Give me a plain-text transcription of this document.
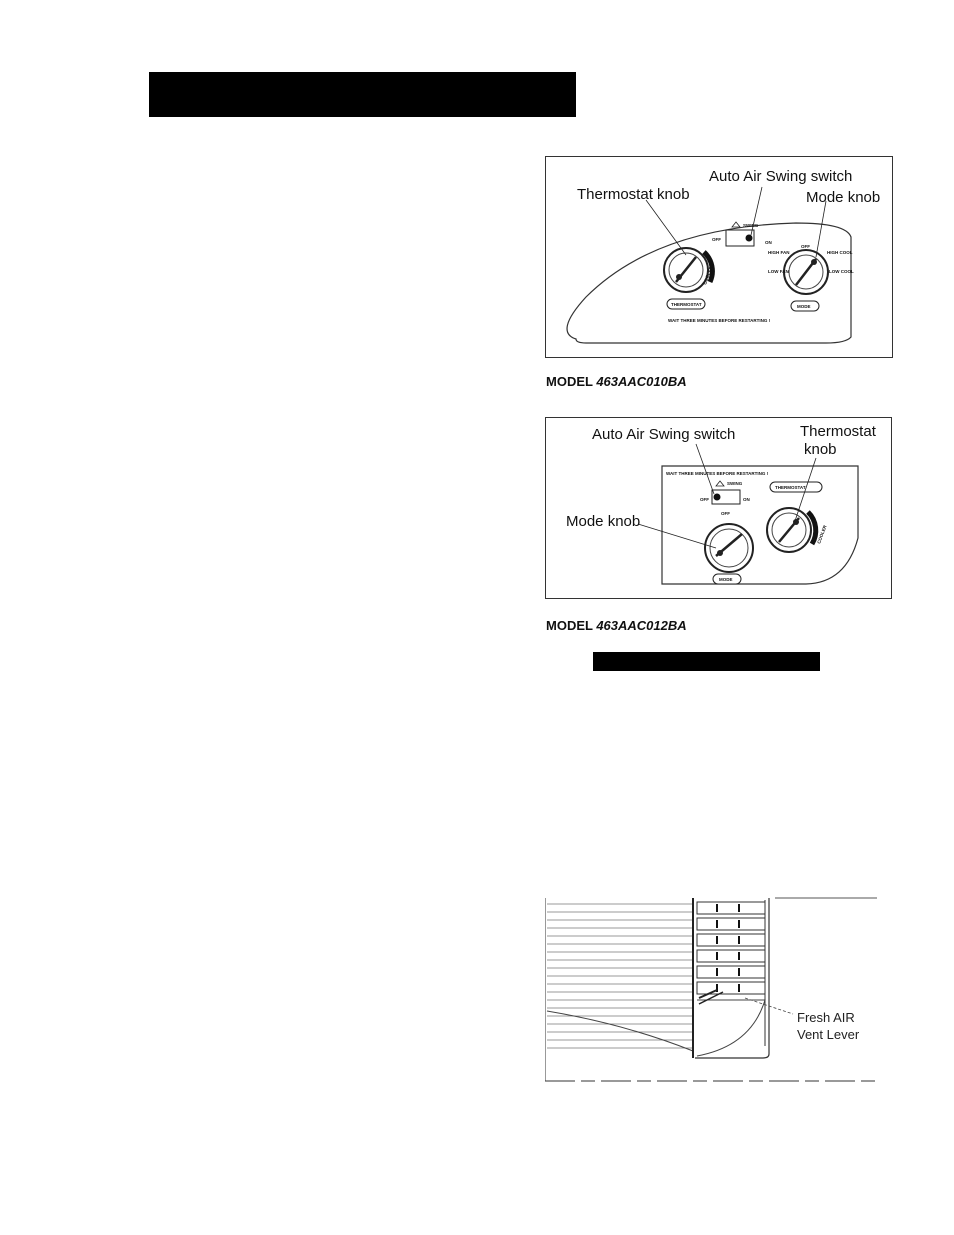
COOLER
SWING
OFF
ON
HIGH FAN
OFF
HIGH COOL
LOW FAN	LOW COOL
THERMOSTAT	MODE
WAIT THREE MINUTES BEFORE RESTARTING !
Auto Air Swing switch
Thermostat knob	Mode knob
MODEL 463AAC010BA
WAIT THREE MINUTES BEFORE RESTARTING !
SWING
OFF	ON
THERMOSTAT
COOLER
OFF
MODE
Auto Air Swing switch	Thermostat
knob
Mode knob
MODEL 463AAC012BA
Fresh AIR
Vent Lever
